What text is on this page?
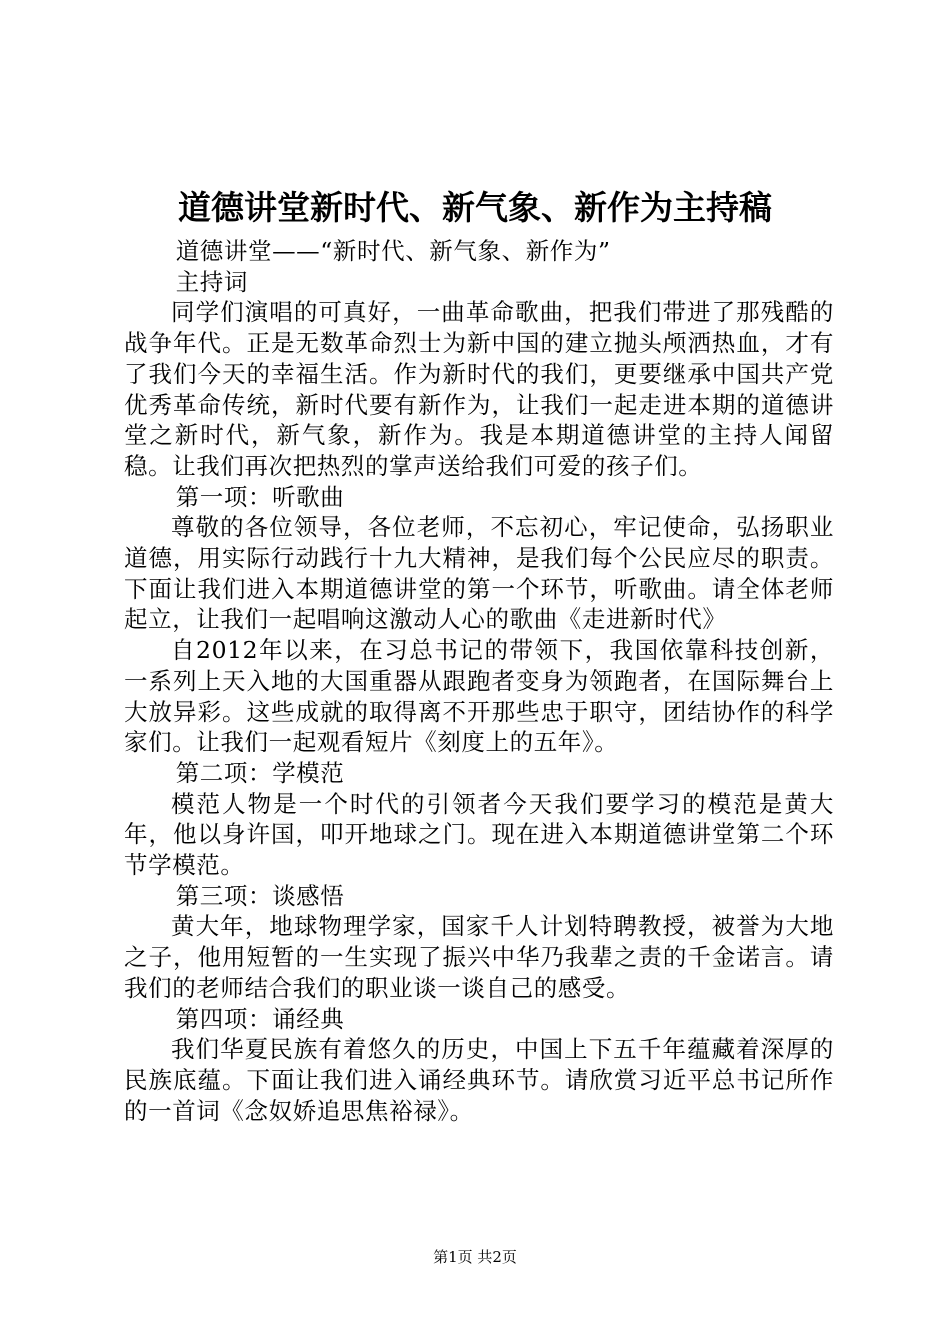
道德讲堂新时代、新气象、新作为主持稿

道德讲堂——“新时代、新气象、新作为”

主持词

同学们演唱的可真好，一曲革命歌曲，把我们带进了那残酷的战争年代。正是无数革命烈士为新中国的建立抛头颅洒热血，才有了我们今天的幸福生活。作为新时代的我们，更要继承中国共产党优秀革命传统，新时代要有新作为，让我们一起走进本期的道德讲堂之新时代，新气象，新作为。我是本期道德讲堂的主持人闻留稳。让我们再次把热烈的掌声送给我们可爱的孩子们。

第一项：听歌曲

尊敬的各位领导，各位老师，不忘初心，牢记使命，弘扬职业道德，用实际行动践行十九大精神，是我们每个公民应尽的职责。下面让我们进入本期道德讲堂的第一个环节，听歌曲。请全体老师起立，让我们一起唱响这激动人心的歌曲《走进新时代》

自2012年以来，在习总书记的带领下，我国依靠科技创新，一系列上天入地的大国重器从跟跑者变身为领跑者，在国际舞台上大放异彩。这些成就的取得离不开那些忠于职守，团结协作的科学家们。让我们一起观看短片《刻度上的五年》。

第二项：学模范

模范人物是一个时代的引领者今天我们要学习的模范是黄大年，他以身许国，叩开地球之门。现在进入本期道德讲堂第二个环节学模范。

第三项：谈感悟

黄大年，地球物理学家，国家千人计划特聘教授，被誉为大地之子，他用短暂的一生实现了振兴中华乃我辈之责的千金诺言。请我们的老师结合我们的职业谈一谈自己的感受。

第四项：诵经典

我们华夏民族有着悠久的历史，中国上下五千年蕴藏着深厚的民族底蕴。下面让我们进入诵经典环节。请欣赏习近平总书记所作的一首词《念奴娇追思焦裕禄》。

第1页 共2页
